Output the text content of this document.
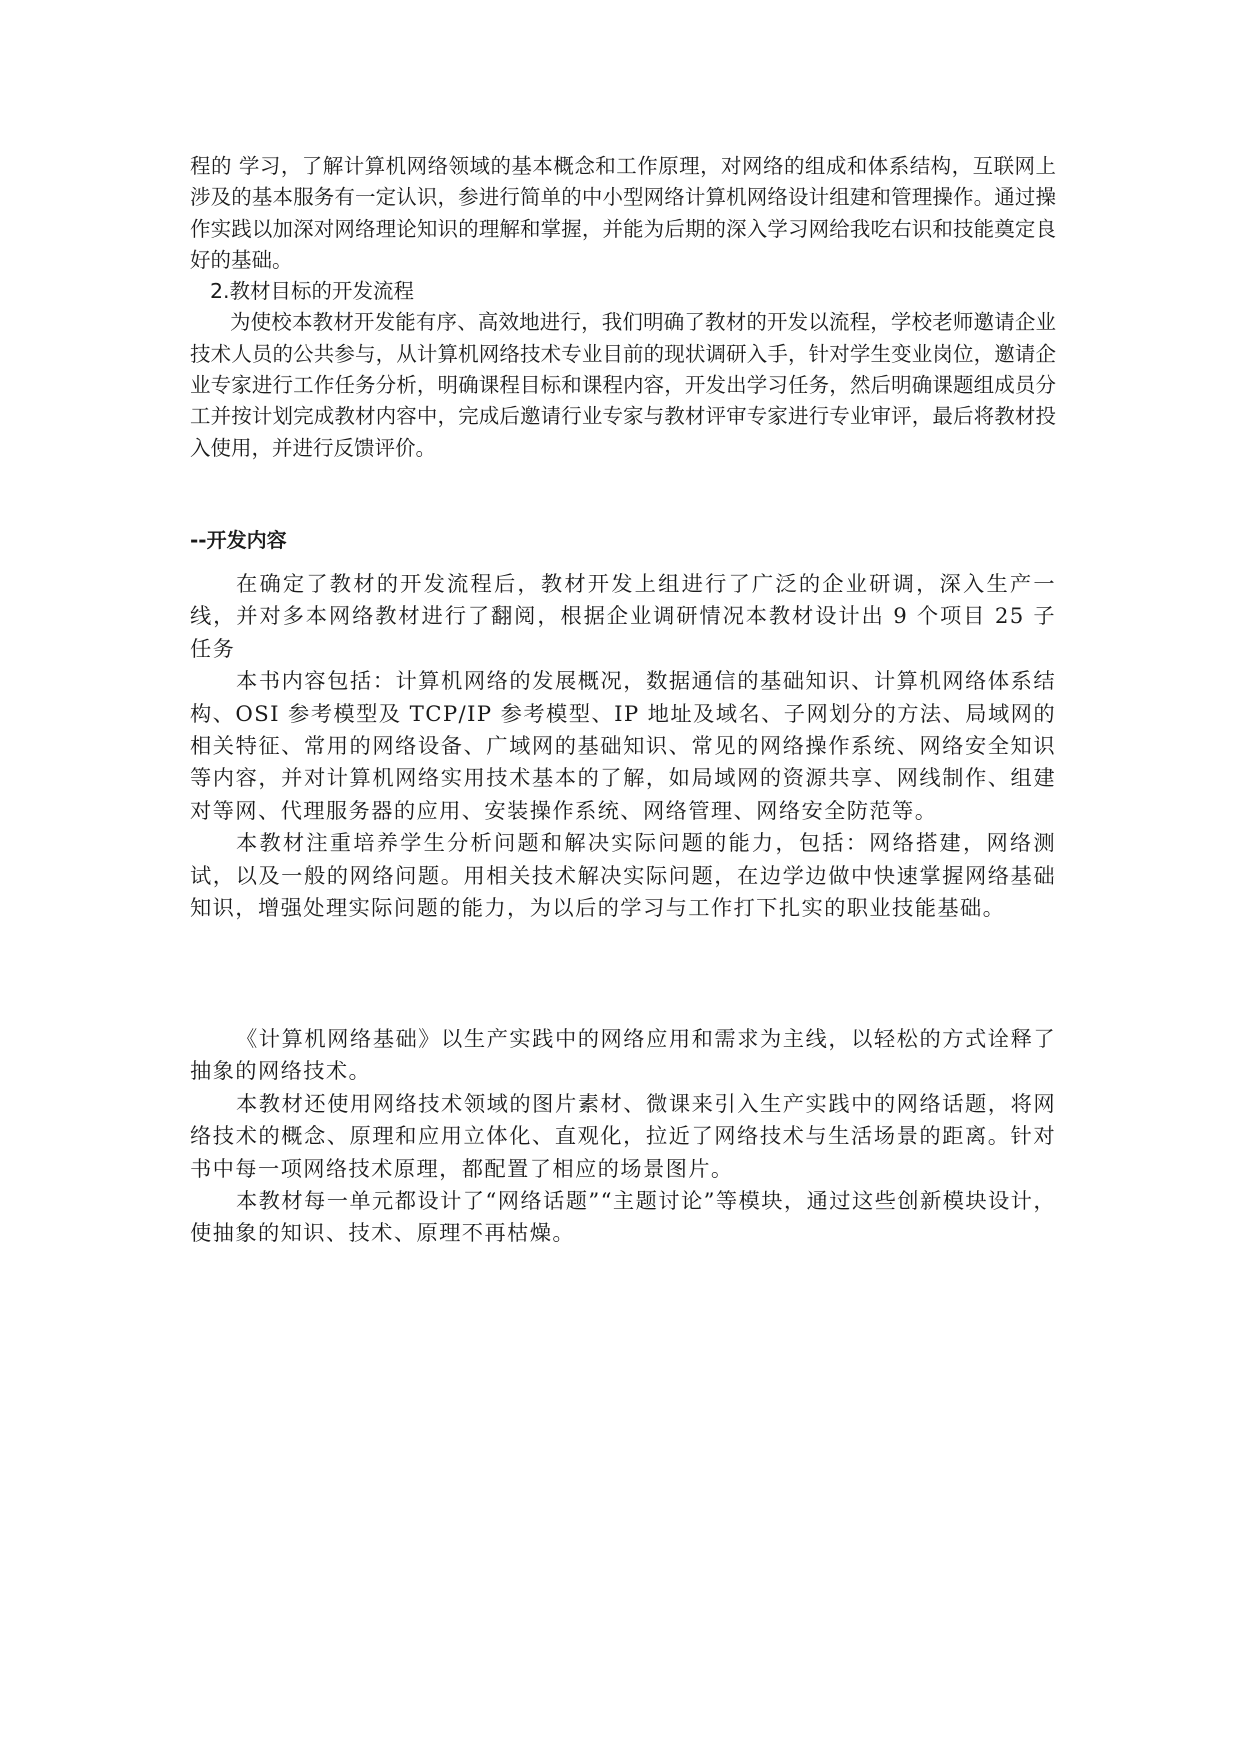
程的 学习，了解计算机网络领域的基本概念和工作原理，对网络的组成和体系结构，互联网上涉及的基本服务有一定认识，参进行简单的中小型网络计算机网络设计组建和管理操作。通过操作实践以加深对网络理论知识的理解和掌握，并能为后期的深入学习网给我吃右识和技能奠定良好的基础。

2.教材目标的开发流程

为使校本教材开发能有序、高效地进行，我们明确了教材的开发以流程，学校老师邀请企业技术人员的公共参与，从计算机网络技术专业目前的现状调研入手，针对学生变业岗位，邀请企业专家进行工作任务分析，明确课程目标和课程内容，开发出学习任务，然后明确课题组成员分工并按计划完成教材内容中，完成后邀请行业专家与教材评审专家进行专业审评，最后将教材投入使用，并进行反馈评价。

--开发内容

在确定了教材的开发流程后，教材开发上组进行了广泛的企业研调，深入生产一线，并对多本网络教材进行了翻阅，根据企业调研情况本教材设计出 9 个项目 25 子任务

本书内容包括：计算机网络的发展概况，数据通信的基础知识、计算机网络体系结构、OSI 参考模型及 TCP/IP 参考模型、IP 地址及域名、子网划分的方法、局域网的相关特征、常用的网络设备、广域网的基础知识、常见的网络操作系统、网络安全知识等内容，并对计算机网络实用技术基本的了解，如局域网的资源共享、网线制作、组建对等网、代理服务器的应用、安装操作系统、网络管理、网络安全防范等。

本教材注重培养学生分析问题和解决实际问题的能力，包括：网络搭建，网络测试，以及一般的网络问题。用相关技术解决实际问题，在边学边做中快速掌握网络基础知识，增强处理实际问题的能力，为以后的学习与工作打下扎实的职业技能基础。

《计算机网络基础》以生产实践中的网络应用和需求为主线，以轻松的方式诠释了抽象的网络技术。

本教材还使用网络技术领域的图片素材、微课来引入生产实践中的网络话题，将网络技术的概念、原理和应用立体化、直观化，拉近了网络技术与生活场景的距离。针对书中每一项网络技术原理，都配置了相应的场景图片。

本教材每一单元都设计了“网络话题”“主题讨论”等模块，通过这些创新模块设计，使抽象的知识、技术、原理不再枯燥。
